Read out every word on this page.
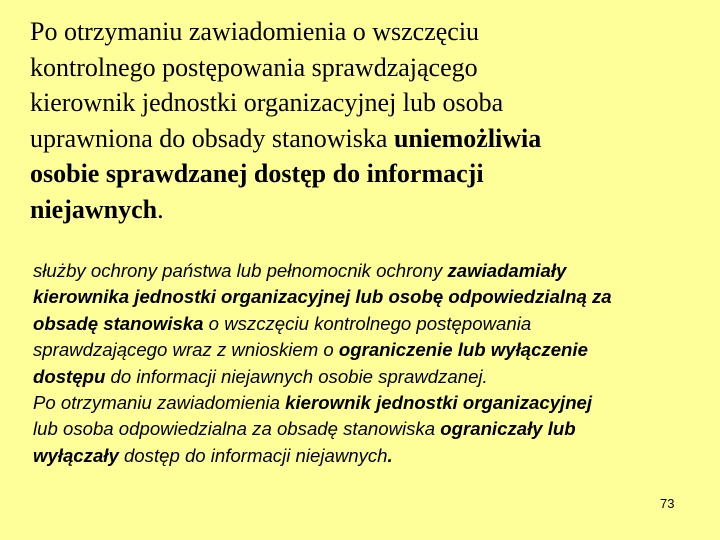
Po otrzymaniu zawiadomienia o wszczęciu
kontrolnego postępowania sprawdzającego
kierownik jednostki organizacyjnej lub osoba
uprawniona do obsady stanowiska uniemożliwia
osobie sprawdzanej dostęp do informacji
niejawnych.

służby ochrony państwa lub pełnomocnik ochrony zawiadamiały
kierownika jednostki organizacyjnej lub osobę odpowiedzialną za
obsadę stanowiska o wszczęciu kontrolnego postępowania
sprawdzającego wraz z wnioskiem o ograniczenie lub wyłączenie
dostępu do informacji niejawnych osobie sprawdzanej.
Po otrzymaniu zawiadomienia kierownik jednostki organizacyjnej
lub osoba odpowiedzialna za obsadę stanowiska ograniczały lub
wyłączały dostęp do informacji niejawnych.

73
